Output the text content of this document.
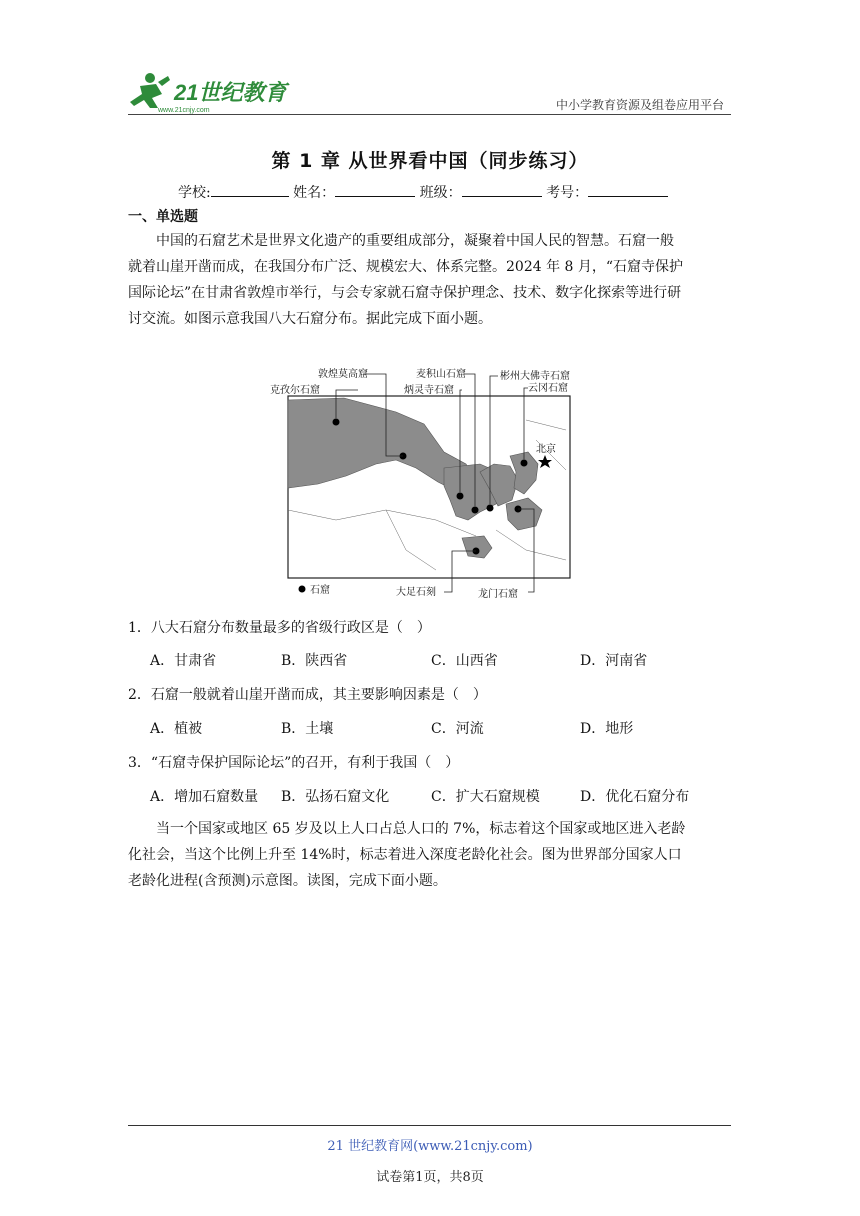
21世纪教育
www.21cnjy.com	中小学教育资源及组卷应用平台
第 1 章 从世界看中国（同步练习）
学校:	姓名：	班级：	考号：
一、单选题
中国的石窟艺术是世界文化遗产的重要组成部分，凝聚着中国人民的智慧。石窟一般
就着山崖开凿而成，在我国分布广泛、规模宏大、体系完整。2024 年 8 月，“石窟寺保护
国际论坛”在甘肃省敦煌市举行，与会专家就石窟寺保护理念、技术、数字化探索等进行研
讨交流。如图示意我国八大石窟分布。据此完成下面小题。
克孜尔石窟
敦煌莫高窟
炳灵寺石窟
麦积山石窟	彬州大佛寺石窟
云冈石窟
北京
大足石刻	龙门石窟
石窟
1．八大石窟分布数量最多的省级行政区是（　）
A．甘肃省	B．陕西省	C．山西省	D．河南省
2．石窟一般就着山崖开凿而成，其主要影响因素是（　）
A．植被	B．土壤	C．河流	D．地形
3．“石窟寺保护国际论坛”的召开，有利于我国（　）
A．增加石窟数量 B．弘扬石窟文化	C．扩大石窟规模	D．优化石窟分布
当一个国家或地区 65 岁及以上人口占总人口的 7%，标志着这个国家或地区进入老龄
化社会，当这个比例上升至 14%时，标志着进入深度老龄化社会。图为世界部分国家人口
老龄化进程(含预测)示意图。读图，完成下面小题。
21 世纪教育网(www.21cnjy.com)
试卷第1页，共8页
